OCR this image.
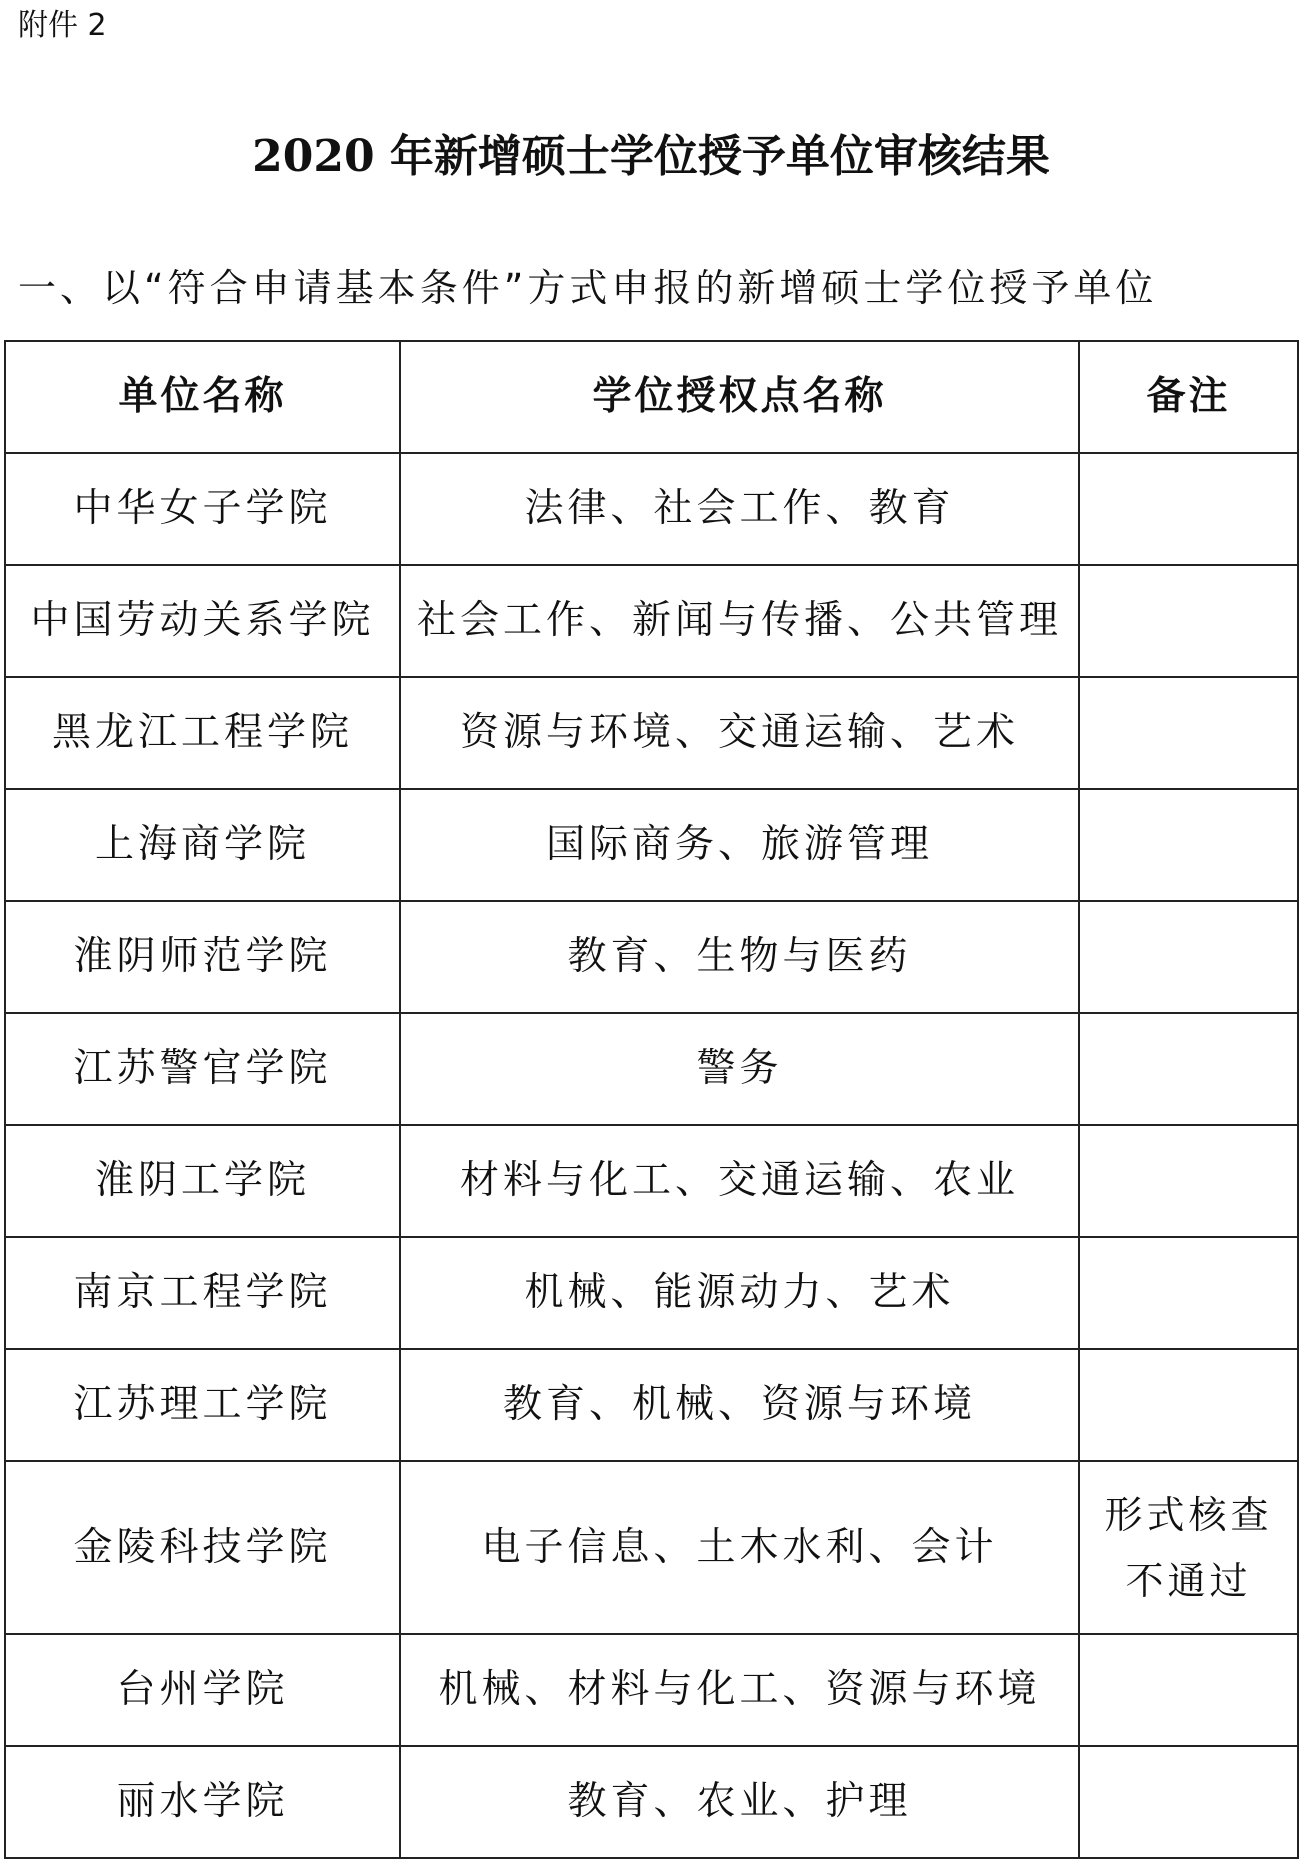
附件 2
2020 年新增硕士学位授予单位审核结果
一、以“符合申请基本条件”方式申报的新增硕士学位授予单位
单位名称	学位授权点名称	备注
中华女子学院	法律、社会工作、教育	
中国劳动关系学院	社会工作、新闻与传播、公共管理	
黑龙江工程学院	资源与环境、交通运输、艺术	
上海商学院	国际商务、旅游管理	
淮阴师范学院	教育、生物与医药	
江苏警官学院	警务	
淮阴工学院	材料与化工、交通运输、农业	
南京工程学院	机械、能源动力、艺术	
江苏理工学院	教育、机械、资源与环境	
金陵科技学院	电子信息、土木水利、会计	形式核查不通过
台州学院	机械、材料与化工、资源与环境	
丽水学院	教育、农业、护理	
